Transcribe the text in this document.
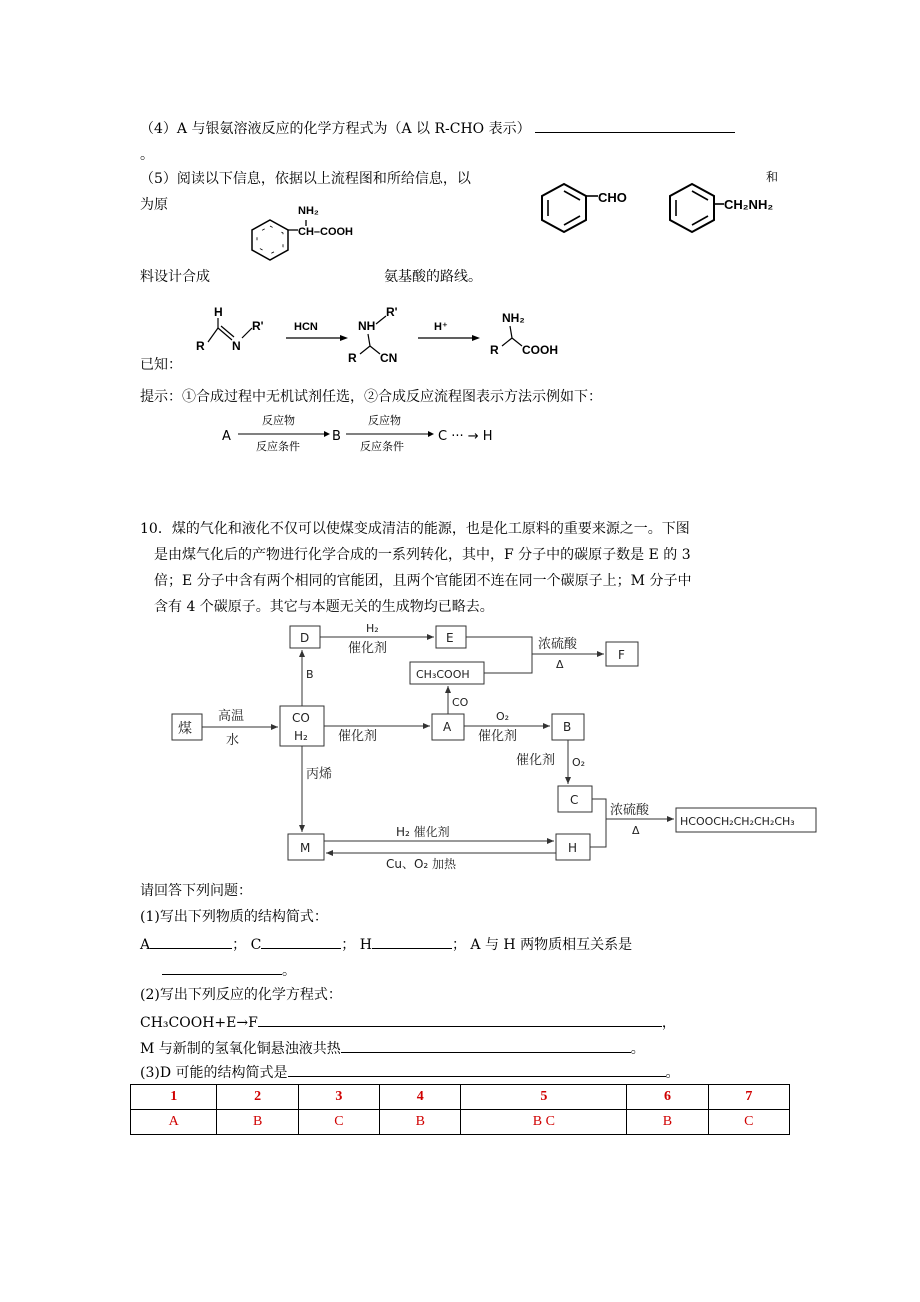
（4）A 与银氨溶液反应的化学方程式为（A 以 R-CHO 表示）
。
（5）阅读以下信息，依据以上流程图和所给信息，以	和
为原
料设计合成	氨基酸的路线。
NH₂
CH–COOH
CHO	CH₂NH₂
已知：
H
R N
R'	HCN	NH
R'
R CN
H⁺
NH₂
R COOH
提示：①合成过程中无机试剂任选，②合成反应流程图表示方法示例如下：
A
反应物
反应条件
B
反应物
反应条件
C ··· → H
10．煤的气化和液化不仅可以使煤变成清洁的能源，也是化工原料的重要来源之一。下图
是由煤气化后的产物进行化学合成的一系列转化，其中，F 分子中的碳原子数是 E 的 3
倍；E 分子中含有两个相同的官能团，且两个官能团不连在同一个碳原子上；M 分子中
含有 4 个碳原子。其它与本题无关的生成物均已略去。
煤
高温
水
CO
H₂
D
B
H₂
催化剂
E
CH₃COOH
浓硫酸
Δ
F
CO
催化剂
A
O₂
催化剂
B
催化剂 O₂
C
浓硫酸
Δ
HCOOCH₂CH₂CH₂CH₃
丙烯
M	H
H₂ 催化剂
Cu、O₂ 加热
请回答下列问题：
(1)写出下列物质的结构简式：
A	； C	； H	； A 与 H 两物质相互关系是
。
(2)写出下列反应的化学方程式：
CH₃COOH+E→F	，
M 与新制的氢氧化铜悬浊液共热	。
(3)D 可能的结构简式是	。
1	2	3	4	5	6	7
A	B	C	B	B C	B	C
